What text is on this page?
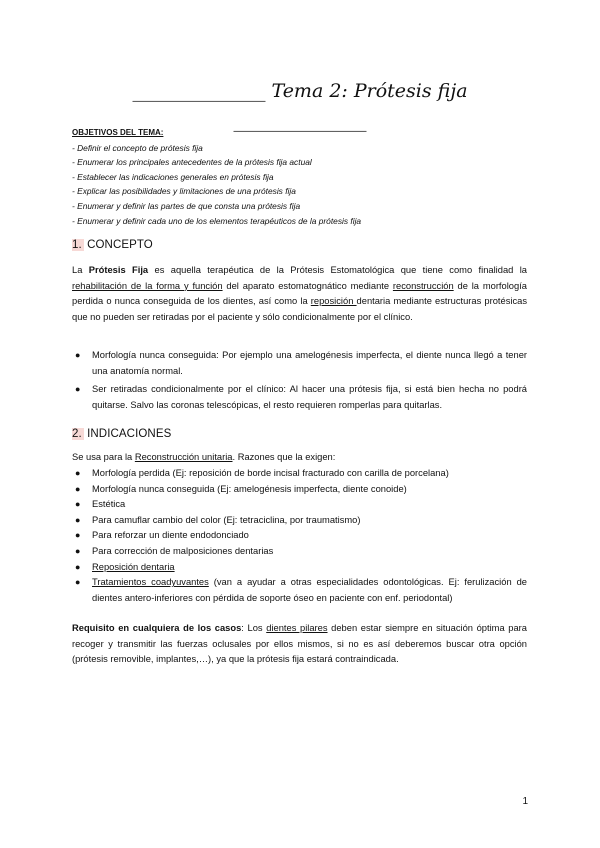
______________ Tema 2: Prótesis fija ______________
OBJETIVOS DEL TEMA:
- Definir el concepto de prótesis fija
- Enumerar los principales antecedentes de la prótesis fija actual
- Establecer las indicaciones generales en prótesis fija
- Explicar las posibilidades y limitaciones de una prótesis fija
- Enumerar y definir las partes de que consta una prótesis fija
- Enumerar y definir cada uno de los elementos terapéuticos de la prótesis fija
1. CONCEPTO
La Prótesis Fija es aquella terapéutica de la Prótesis Estomatológica que tiene como finalidad la rehabilitación de la forma y función del aparato estomatognático mediante reconstrucción de la morfología perdida o nunca conseguida de los dientes, así como la reposición dentaria mediante estructuras protésicas que no pueden ser retiradas por el paciente y sólo condicionalmente por el clínico.
● Morfología nunca conseguida: Por ejemplo una amelogénesis imperfecta, el diente nunca llegó a tener una anatomía normal.
● Ser retiradas condicionalmente por el clínico: Al hacer una prótesis fija, si está bien hecha no podrá quitarse. Salvo las coronas telescópicas, el resto requieren romperlas para quitarlas.
2. INDICACIONES
Se usa para la Reconstrucción unitaria. Razones que la exigen:
● Morfología perdida (Ej: reposición de borde incisal fracturado con carilla de porcelana)
● Morfología nunca conseguida (Ej: amelogénesis imperfecta, diente conoide)
● Estética
● Para camuflar cambio del color (Ej: tetraciclina, por traumatismo)
● Para reforzar un diente endodonciado
● Para corrección de malposiciones dentarias
● Reposición dentaria
● Tratamientos coadyuvantes (van a ayudar a otras especialidades odontológicas. Ej: ferulización de dientes antero-inferiores con pérdida de soporte óseo en paciente con enf. periodontal)
Requisito en cualquiera de los casos: Los dientes pilares deben estar siempre en situación óptima para recoger y transmitir las fuerzas oclusales por ellos mismos, si no es así deberemos buscar otra opción (prótesis removible, implantes,…), ya que la prótesis fija estará contraindicada.
1
